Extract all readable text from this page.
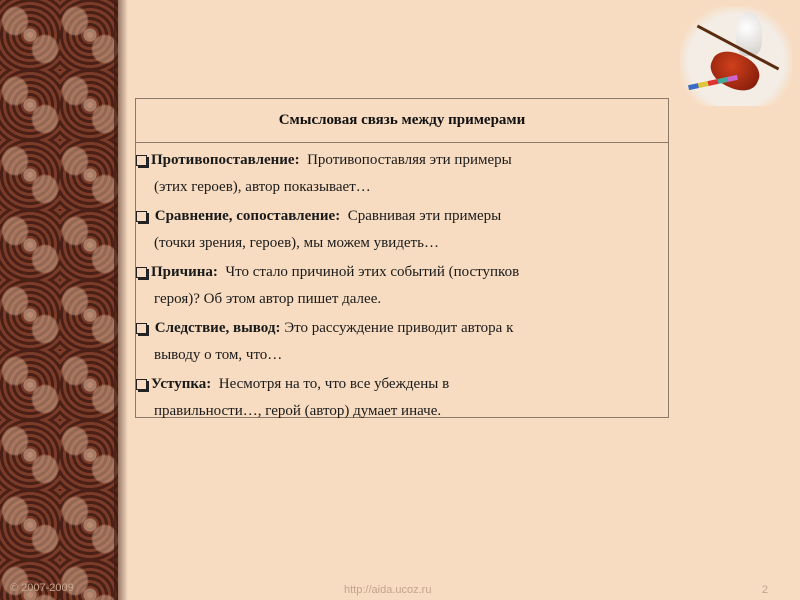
© 2007-2009
Смысловая связь между примерами
Противопоставление: Противопоставляя эти примеры
(этих героев), автор показывает…
Сравнение, сопоставление: Сравнивая эти примеры
(точки зрения, героев), мы можем увидеть…
Причина: Что стало причиной этих событий (поступков
героя)? Об этом автор пишет далее.
Следствие, вывод: Это рассуждение приводит автора к
выводу о том, что…
Уступка: Несмотря на то, что все убеждены в
правильности…, герой (автор) думает иначе.
http://aida.ucoz.ru	2
